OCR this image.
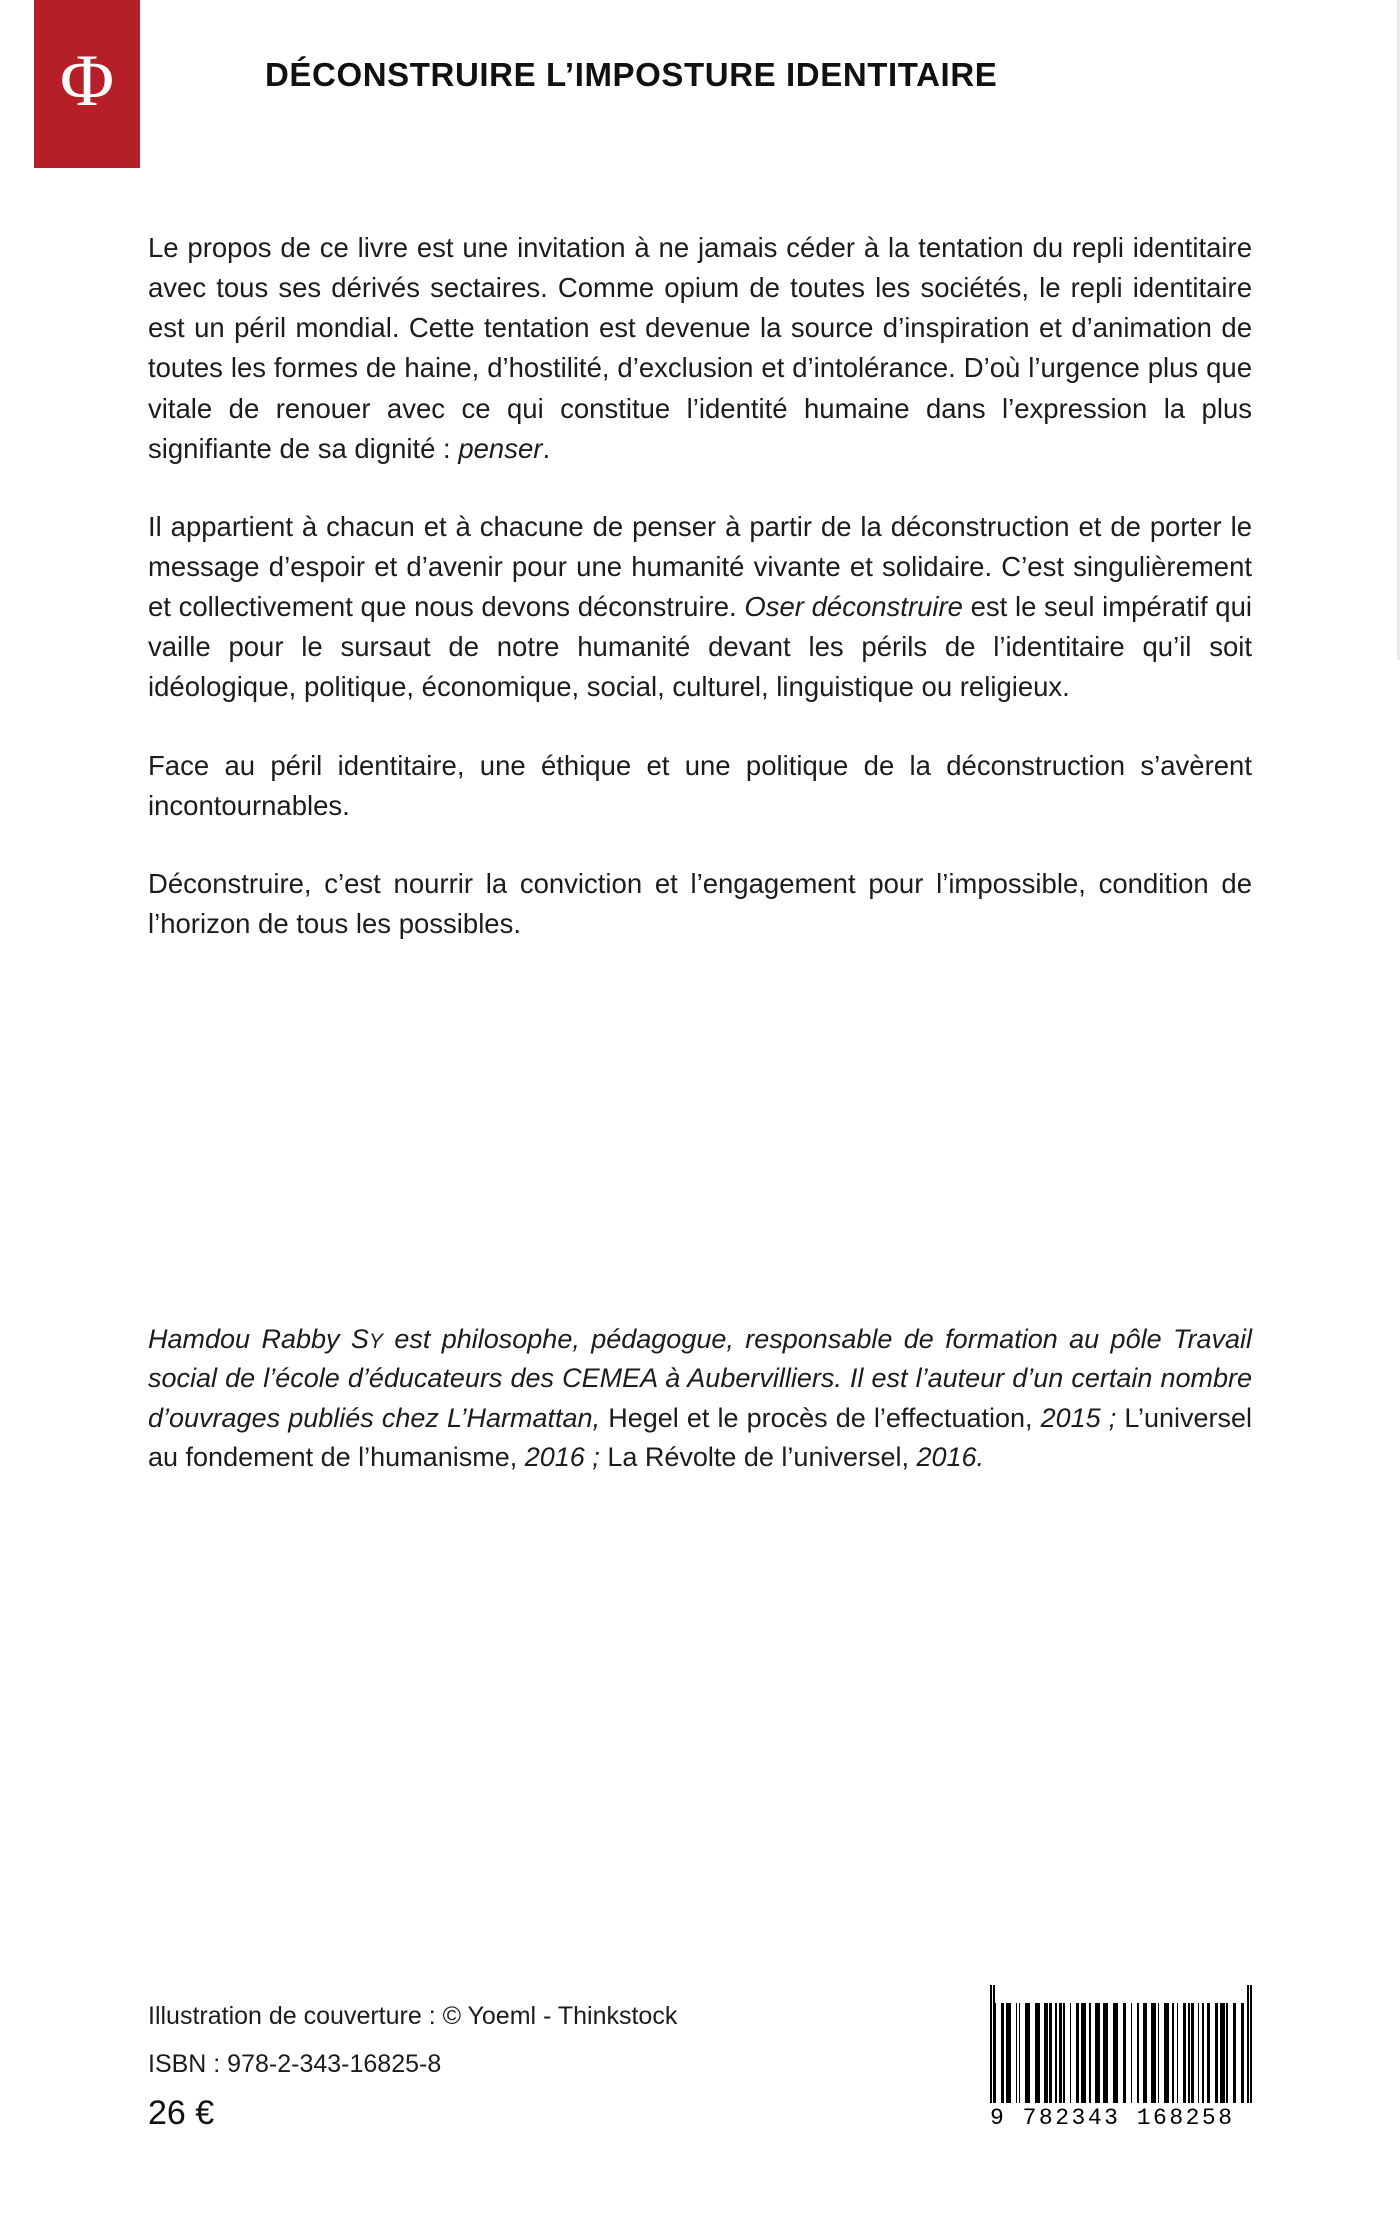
Φ	DÉCONSTRUIRE L’IMPOSTURE IDENTITAIRE

Le propos de ce livre est une invitation à ne jamais céder à la tentation du repli identitaire avec tous ses dérivés sectaires. Comme opium de toutes les sociétés, le repli identitaire est un péril mondial. Cette tentation est devenue la source d’inspiration et d’animation de toutes les formes de haine, d’hostilité, d’exclusion et d’intolérance. D’où l’urgence plus que vitale de renouer avec ce qui constitue l’identité humaine dans l’expression la plus signifiante de sa dignité : penser.

Il appartient à chacun et à chacune de penser à partir de la déconstruction et de porter le message d’espoir et d’avenir pour une humanité vivante et solidaire. C’est singulièrement et collectivement que nous devons déconstruire. Oser déconstruire est le seul impératif qui vaille pour le sursaut de notre humanité devant les périls de l’identitaire qu’il soit idéologique, politique, économique, social, culturel, linguistique ou religieux.

Face au péril identitaire, une éthique et une politique de la déconstruction s’avèrent incontournables.

Déconstruire, c’est nourrir la conviction et l’engagement pour l’impossible, condition de l’horizon de tous les possibles.

Hamdou Rabby SY est philosophe, pédagogue, responsable de formation au pôle Travail social de l’école d’éducateurs des CEMEA à Aubervilliers. Il est l’auteur d’un certain nombre d’ouvrages publiés chez L’Harmattan, Hegel et le procès de l’effectuation, 2015 ; L’universel au fondement de l’humanisme, 2016 ; La Révolte de l’universel, 2016.

Illustration de couverture : © Yoeml - Thinkstock
ISBN : 978-2-343-16825-8
26 €	9 782343 168258
